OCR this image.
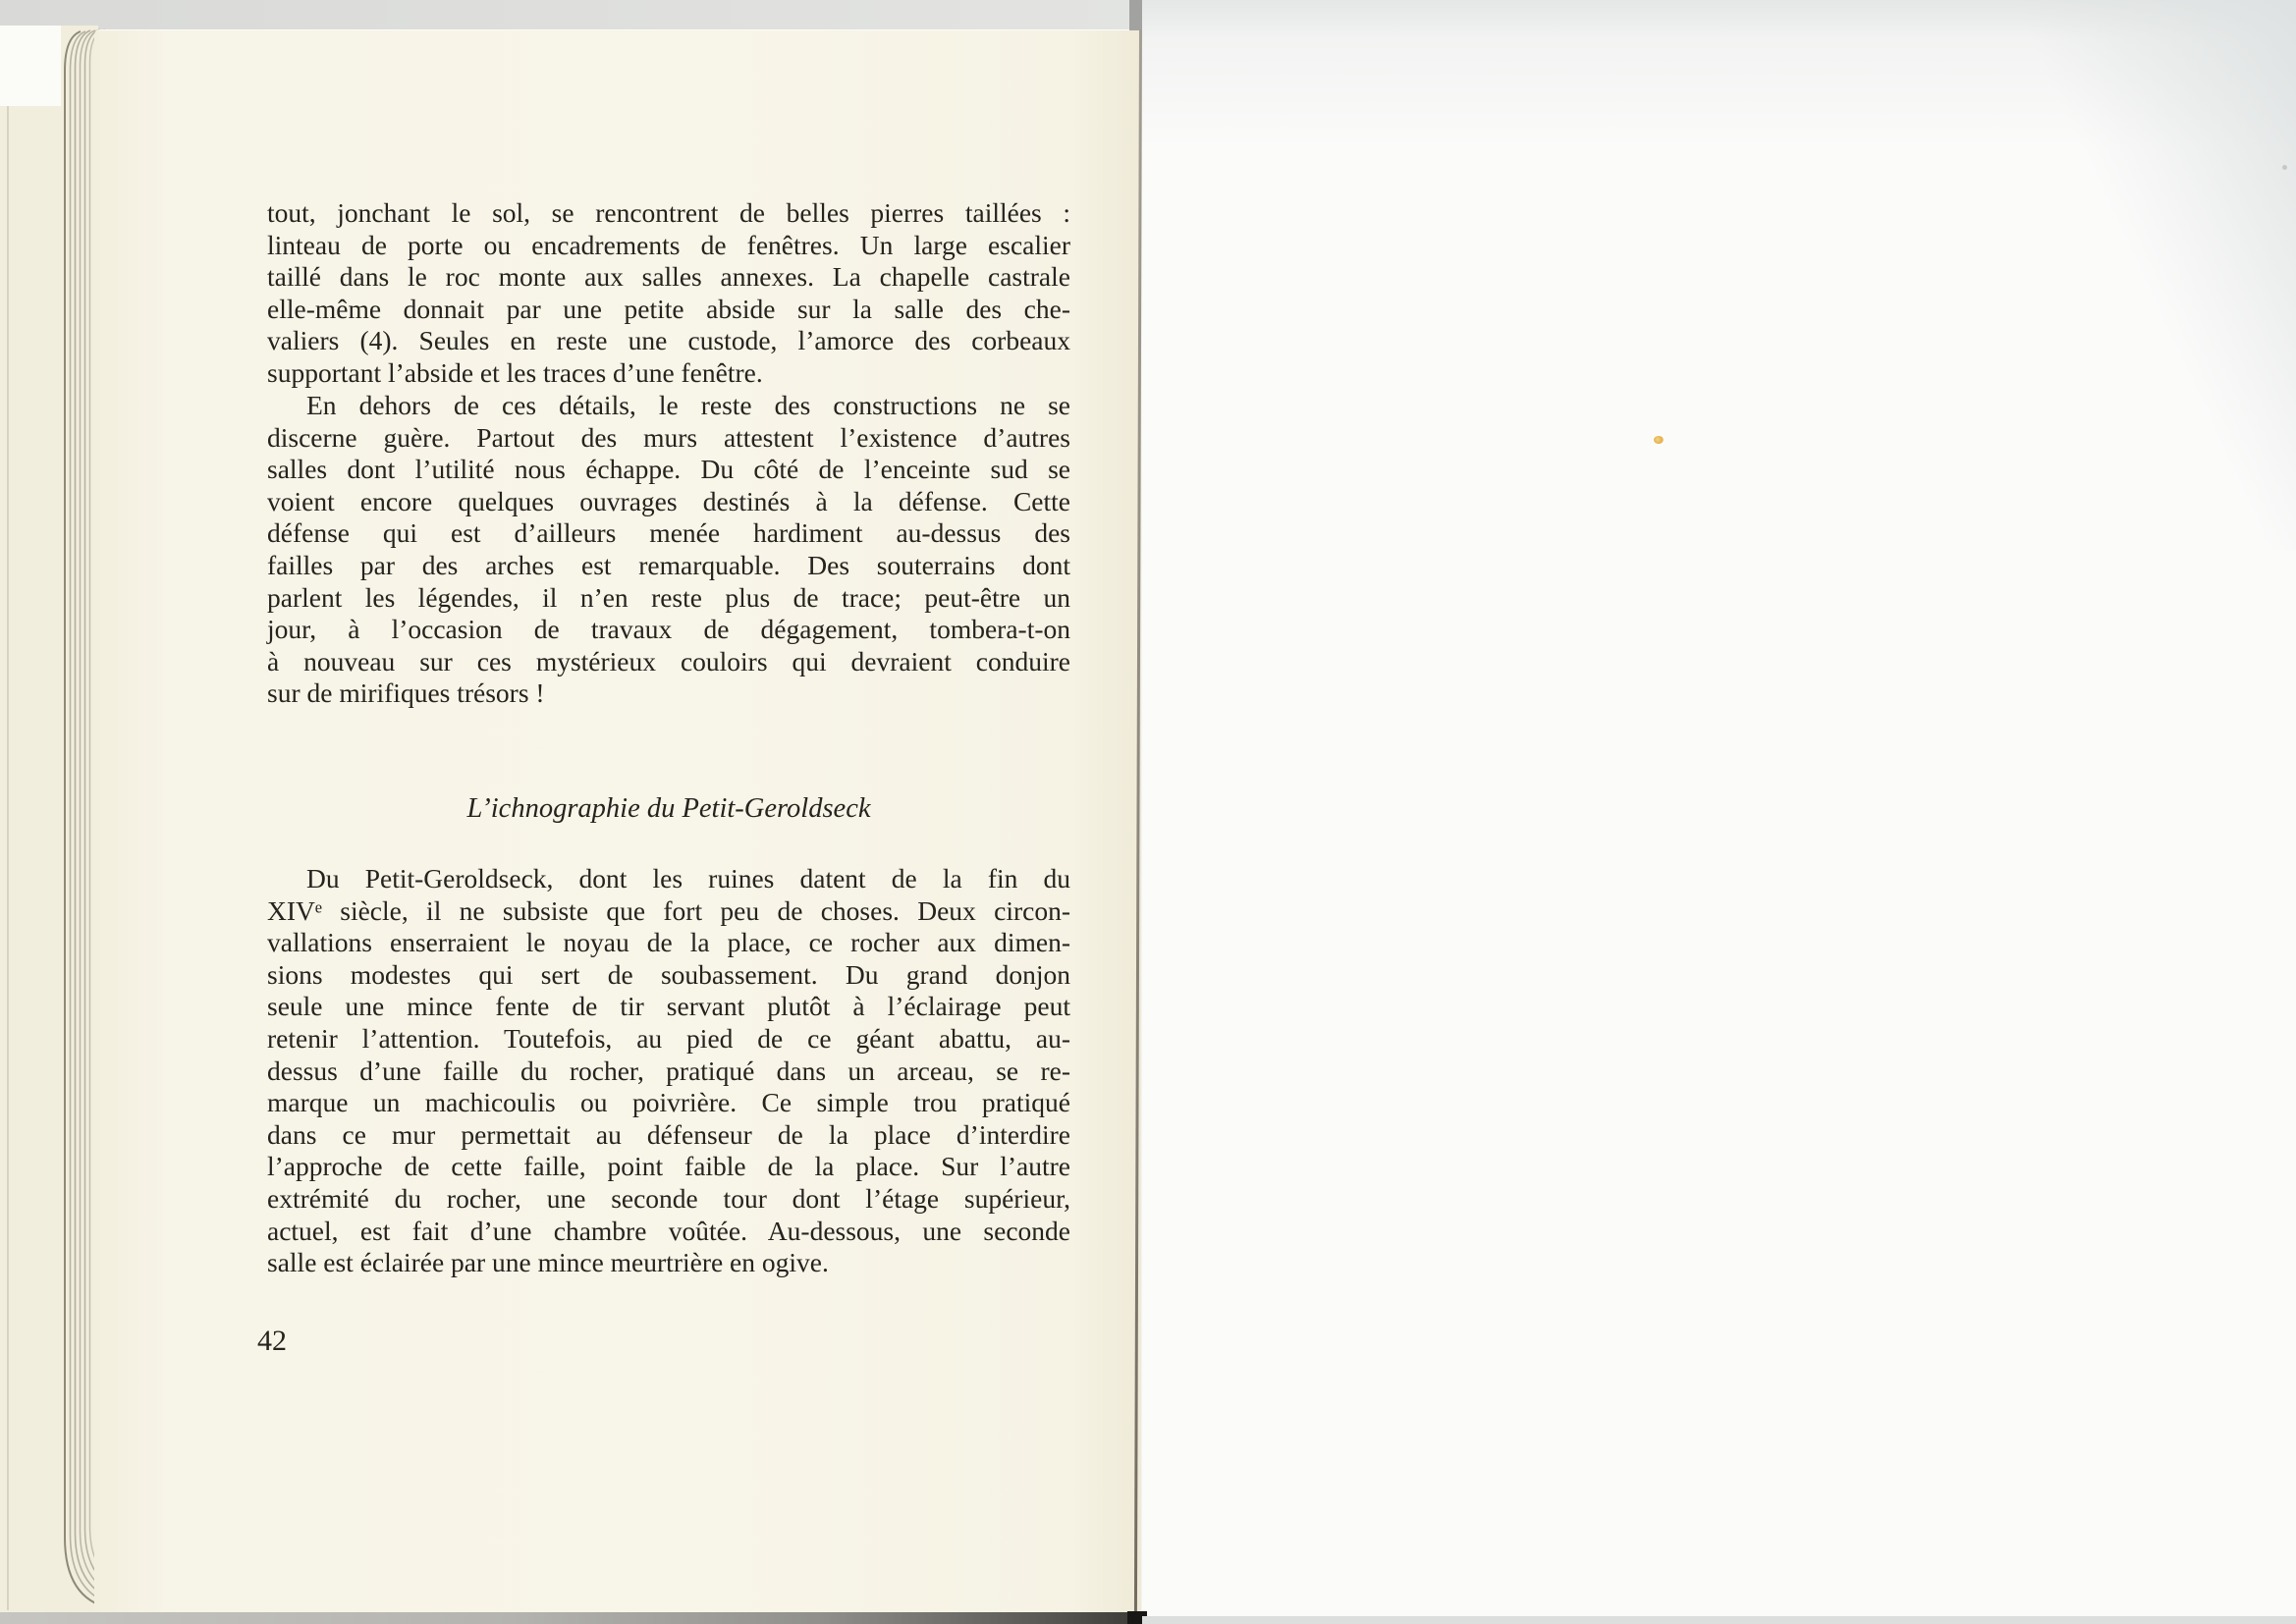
tout, jonchant le sol, se rencontrent de belles pierres taillées :
linteau de porte ou encadrements de fenêtres. Un large escalier
taillé dans le roc monte aux salles annexes. La chapelle castrale
elle-même donnait par une petite abside sur la salle des che-
valiers (4). Seules en reste une custode, l’amorce des corbeaux
supportant l’abside et les traces d’une fenêtre.
En dehors de ces détails, le reste des constructions ne se
discerne guère. Partout des murs attestent l’existence d’autres
salles dont l’utilité nous échappe. Du côté de l’enceinte sud se
voient encore quelques ouvrages destinés à la défense. Cette
défense qui est d’ailleurs menée hardiment au-dessus des
failles par des arches est remarquable. Des souterrains dont
parlent les légendes, il n’en reste plus de trace; peut-être un
jour, à l’occasion de travaux de dégagement, tombera-t-on
à nouveau sur ces mystérieux couloirs qui devraient conduire
sur de mirifiques trésors !
L’ichnographie du Petit-Geroldseck
Du Petit-Geroldseck, dont les ruines datent de la fin du
XIVᵉ siècle, il ne subsiste que fort peu de choses. Deux circon-
vallations enserraient le noyau de la place, ce rocher aux dimen-
sions modestes qui sert de soubassement. Du grand donjon
seule une mince fente de tir servant plutôt à l’éclairage peut
retenir l’attention. Toutefois, au pied de ce géant abattu, au-
dessus d’une faille du rocher, pratiqué dans un arceau, se re-
marque un machicoulis ou poivrière. Ce simple trou pratiqué
dans ce mur permettait au défenseur de la place d’interdire
l’approche de cette faille, point faible de la place. Sur l’autre
extrémité du rocher, une seconde tour dont l’étage supérieur,
actuel, est fait d’une chambre voûtée. Au-dessous, une seconde
salle est éclairée par une mince meurtrière en ogive.
42
